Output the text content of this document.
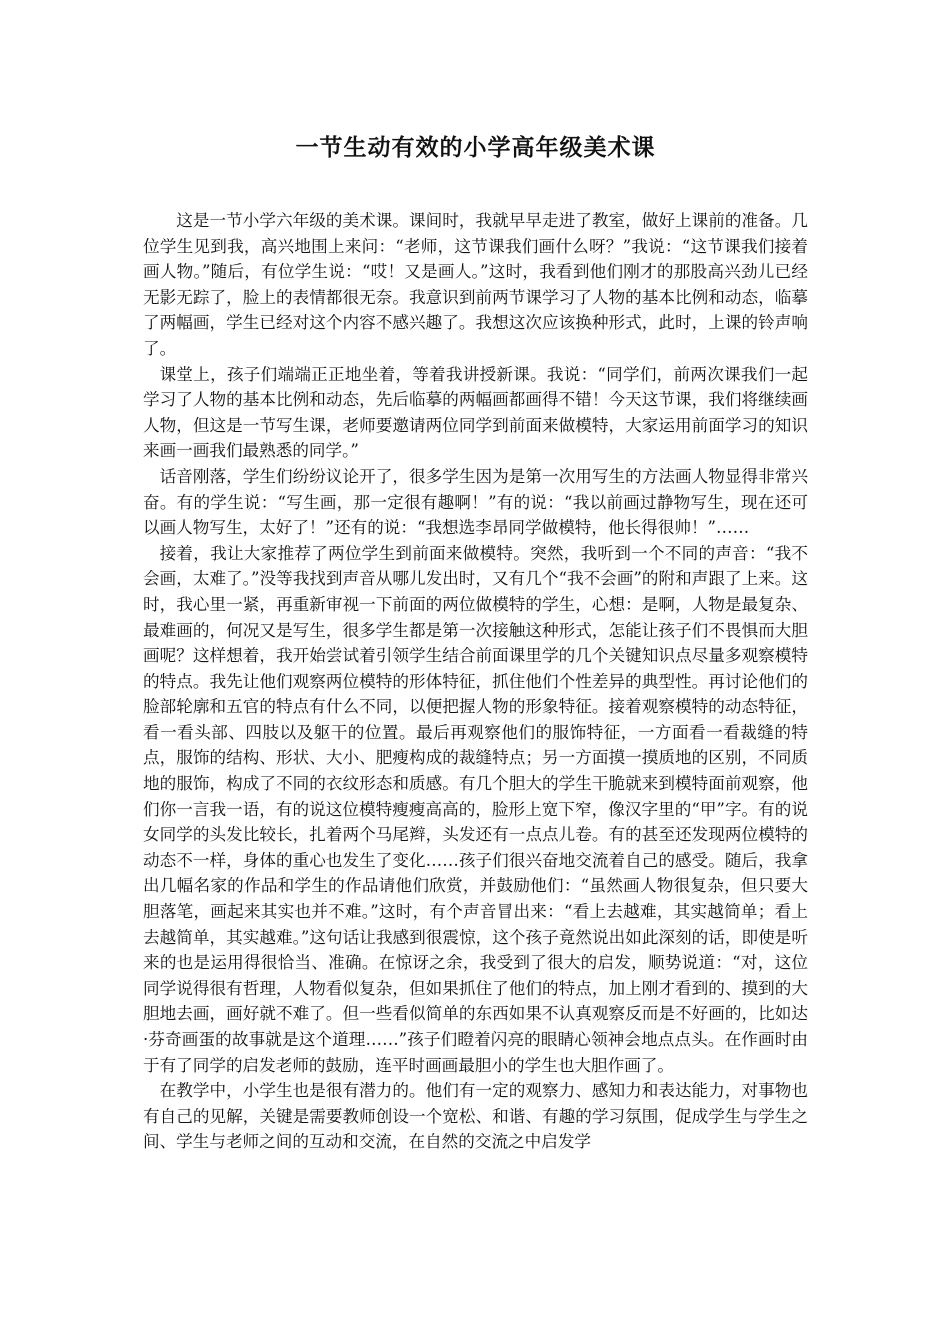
一节生动有效的小学高年级美术课

这是一节小学六年级的美术课。课间时，我就早早走进了教室，做好上课前的准备。几位学生见到我，高兴地围上来问：“老师，这节课我们画什么呀？”我说：“这节课我们接着画人物。”随后，有位学生说：“哎！又是画人。”这时，我看到他们刚才的那股高兴劲儿已经无影无踪了，脸上的表情都很无奈。我意识到前两节课学习了人物的基本比例和动态，临摹了两幅画，学生已经对这个内容不感兴趣了。我想这次应该换种形式，此时，上课的铃声响了。

课堂上，孩子们端端正正地坐着，等着我讲授新课。我说：“同学们，前两次课我们一起学习了人物的基本比例和动态，先后临摹的两幅画都画得不错！今天这节课，我们将继续画人物，但这是一节写生课，老师要邀请两位同学到前面来做模特，大家运用前面学习的知识来画一画我们最熟悉的同学。”

话音刚落，学生们纷纷议论开了，很多学生因为是第一次用写生的方法画人物显得非常兴奋。有的学生说：“写生画，那一定很有趣啊！”有的说：“我以前画过静物写生，现在还可以画人物写生，太好了！”还有的说：“我想选李昂同学做模特，他长得很帅！”……

接着，我让大家推荐了两位学生到前面来做模特。突然，我听到一个不同的声音：“我不会画，太难了。”没等我找到声音从哪儿发出时，又有几个“我不会画”的附和声跟了上来。这时，我心里一紧，再重新审视一下前面的两位做模特的学生，心想：是啊，人物是最复杂、最难画的，何况又是写生，很多学生都是第一次接触这种形式，怎能让孩子们不畏惧而大胆画呢？这样想着，我开始尝试着引领学生结合前面课里学的几个关键知识点尽量多观察模特的特点。我先让他们观察两位模特的形体特征，抓住他们个性差异的典型性。再讨论他们的脸部轮廓和五官的特点有什么不同，以便把握人物的形象特征。接着观察模特的动态特征，看一看头部、四肢以及躯干的位置。最后再观察他们的服饰特征，一方面看一看裁缝的特点，服饰的结构、形状、大小、肥瘦构成的裁缝特点；另一方面摸一摸质地的区别，不同质地的服饰，构成了不同的衣纹形态和质感。有几个胆大的学生干脆就来到模特面前观察，他们你一言我一语，有的说这位模特瘦瘦高高的，脸形上宽下窄，像汉字里的“甲”字。有的说女同学的头发比较长，扎着两个马尾辫，头发还有一点点儿卷。有的甚至还发现两位模特的动态不一样，身体的重心也发生了变化……孩子们很兴奋地交流着自己的感受。随后，我拿出几幅名家的作品和学生的作品请他们欣赏，并鼓励他们：“虽然画人物很复杂，但只要大胆落笔，画起来其实也并不难。”这时，有个声音冒出来：“看上去越难，其实越简单；看上去越简单，其实越难。”这句话让我感到很震惊，这个孩子竟然说出如此深刻的话，即使是听来的也是运用得很恰当、准确。在惊讶之余，我受到了很大的启发，顺势说道：“对，这位同学说得很有哲理，人物看似复杂，但如果抓住了他们的特点，加上刚才看到的、摸到的大胆地去画，画好就不难了。但一些看似简单的东西如果不认真观察反而是不好画的，比如达·芬奇画蛋的故事就是这个道理……”孩子们瞪着闪亮的眼睛心领神会地点点头。在作画时由于有了同学的启发老师的鼓励，连平时画画最胆小的学生也大胆作画了。

在教学中，小学生也是很有潜力的。他们有一定的观察力、感知力和表达能力，对事物也有自己的见解，关键是需要教师创设一个宽松、和谐、有趣的学习氛围，促成学生与学生之间、学生与老师之间的互动和交流，在自然的交流之中启发学
